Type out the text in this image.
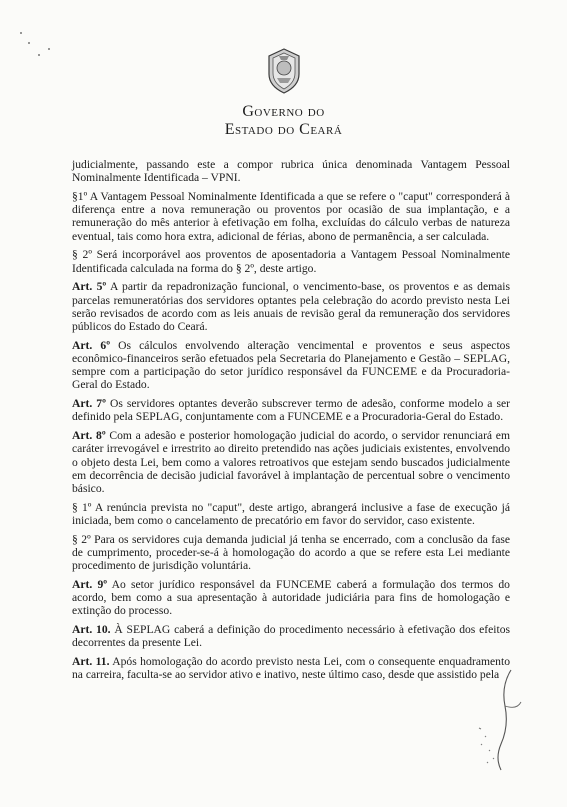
Governo do
Estado do Ceará

judicialmente, passando este a compor rubrica única denominada Vantagem Pessoal Nominalmente Identificada – VPNI.

§1º A Vantagem Pessoal Nominalmente Identificada a que se refere o "caput" corresponderá à diferença entre a nova remuneração ou proventos por ocasião de sua implantação, e a remuneração do mês anterior à efetivação em folha, excluídas do cálculo verbas de natureza eventual, tais como hora extra, adicional de férias, abono de permanência, a ser calculada.

§ 2º Será incorporável aos proventos de aposentadoria a Vantagem Pessoal Nominalmente Identificada calculada na forma do § 2º, deste artigo.

Art. 5º A partir da repadronização funcional, o vencimento-base, os proventos e as demais parcelas remuneratórias dos servidores optantes pela celebração do acordo previsto nesta Lei serão revisados de acordo com as leis anuais de revisão geral da remuneração dos servidores públicos do Estado do Ceará.

Art. 6º Os cálculos envolvendo alteração vencimental e proventos e seus aspectos econômico-financeiros serão efetuados pela Secretaria do Planejamento e Gestão – SEPLAG, sempre com a participação do setor jurídico responsável da FUNCEME e da Procuradoria-Geral do Estado.

Art. 7º Os servidores optantes deverão subscrever termo de adesão, conforme modelo a ser definido pela SEPLAG, conjuntamente com a FUNCEME e a Procuradoria-Geral do Estado.

Art. 8º Com a adesão e posterior homologação judicial do acordo, o servidor renunciará em caráter irrevogável e irrestrito ao direito pretendido nas ações judiciais existentes, envolvendo o objeto desta Lei, bem como a valores retroativos que estejam sendo buscados judicialmente em decorrência de decisão judicial favorável à implantação de percentual sobre o vencimento básico.

§ 1º A renúncia prevista no "caput", deste artigo, abrangerá inclusive a fase de execução já iniciada, bem como o cancelamento de precatório em favor do servidor, caso existente.

§ 2º Para os servidores cuja demanda judicial já tenha se encerrado, com a conclusão da fase de cumprimento, proceder-se-á à homologação do acordo a que se refere esta Lei mediante procedimento de jurisdição voluntária.

Art. 9º Ao setor jurídico responsável da FUNCEME caberá a formulação dos termos do acordo, bem como a sua apresentação à autoridade judiciária para fins de homologação e extinção do processo.

Art. 10. À SEPLAG caberá a definição do procedimento necessário à efetivação dos efeitos decorrentes da presente Lei.

Art. 11. Após homologação do acordo previsto nesta Lei, com o consequente enquadramento na carreira, faculta-se ao servidor ativo e inativo, neste último caso, desde que assistido pela
